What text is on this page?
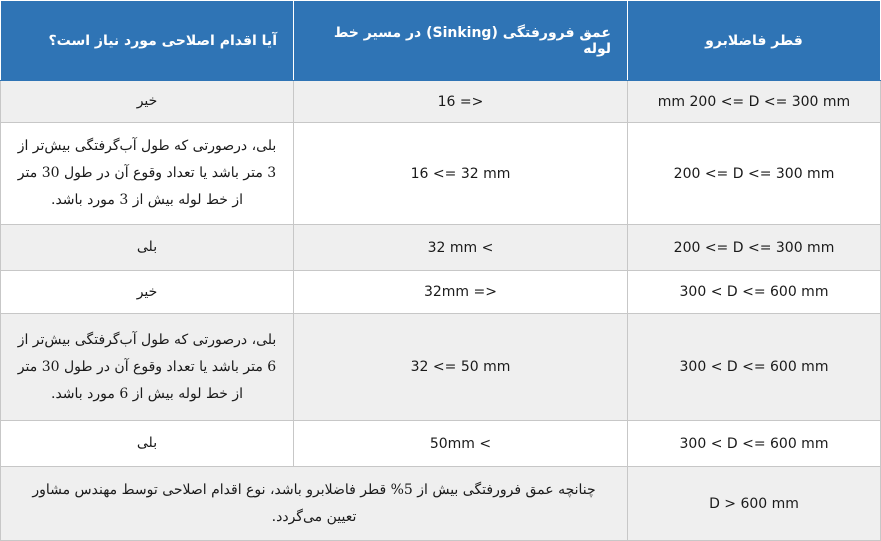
قطر فاضلابرو	عمق فرورفتگی (Sinking) در مسیر خط لوله	آیا اقدام اصلاحی مورد نیاز است؟
mm 200 <= D <= 300 mm	16 =>	خیر
200 <= D <= 300 mm	16 <= 32 mm	بلی، درصورتی که طول آب‌گرفتگی بیش‌تر از 3 متر باشد یا تعداد وقوع آن در طول 30 متر از خط لوله بیش از 3 مورد باشد.
200 <= D <= 300 mm	32 mm <	بلی
300 < D <= 600 mm	32mm =>	خیر
300 < D <= 600 mm	32 <= 50 mm	بلی، درصورتی که طول آب‌گرفتگی بیش‌تر از 6 متر باشد یا تعداد وقوع آن در طول 30 متر از خط لوله بیش از 6 مورد باشد.
300 < D <= 600 mm	50mm <	بلی
D > 600 mm	چنانچه عمق فرورفتگی بیش از 5% قطر فاضلابرو باشد، نوع اقدام اصلاحی توسط مهندس مشاور تعیین می‌گردد.	
